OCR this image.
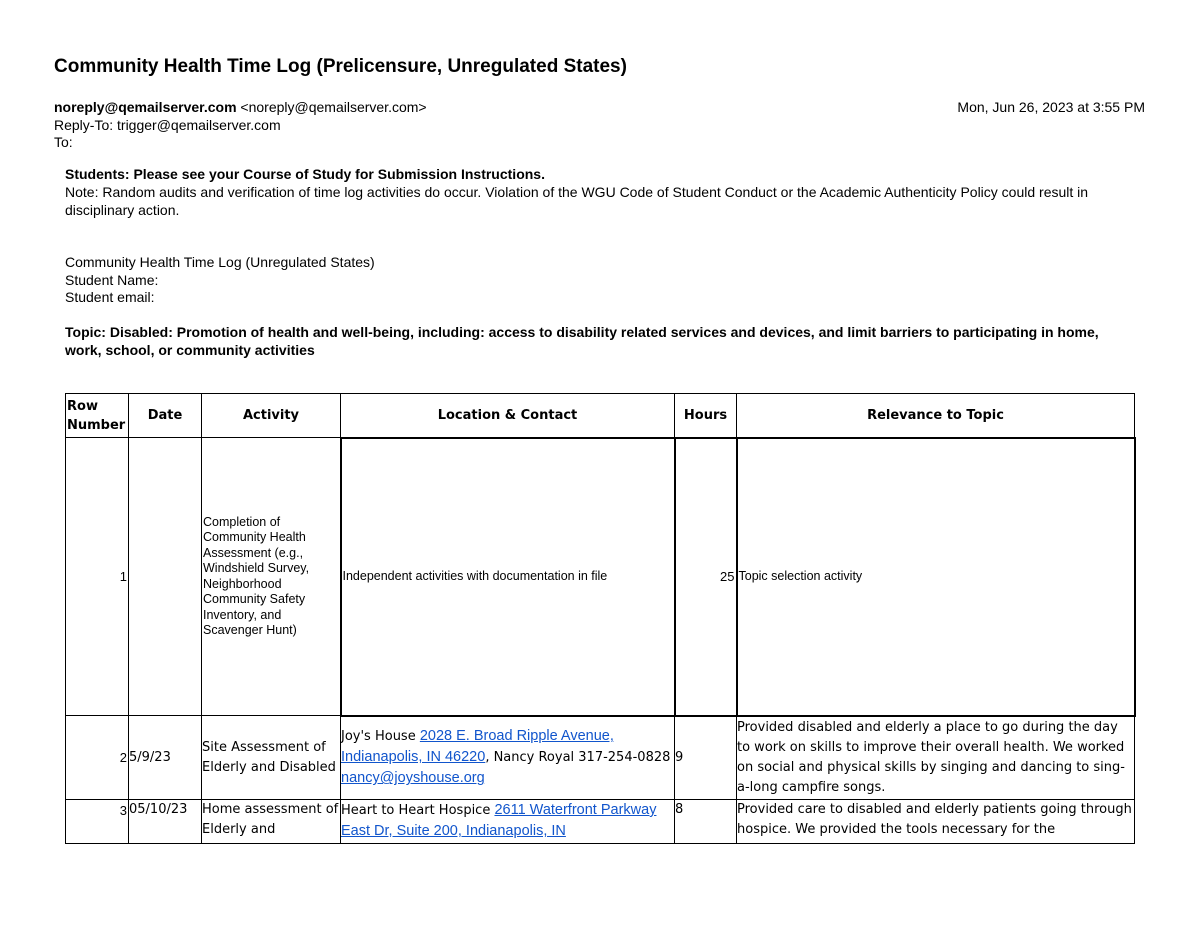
Community Health Time Log (Prelicensure, Unregulated States)
noreply@qemailserver.com <noreply@qemailserver.com>
Reply-To: trigger@qemailserver.com
To:
Mon, Jun 26, 2023 at 3:55 PM
Students: Please see your Course of Study for Submission Instructions.
Note: Random audits and verification of time log activities do occur. Violation of the WGU Code of Student Conduct or the Academic Authenticity Policy could result in disciplinary action.
Community Health Time Log (Unregulated States)
Student Name:
Student email:
Topic: Disabled: Promotion of health and well-being, including: access to disability related services and devices, and limit barriers to participating in home, work, school, or community activities
Row Number	Date	Activity	Location & Contact	Hours	Relevance to Topic
1		Completion of Community Health Assessment (e.g., Windshield Survey, Neighborhood Community Safety Inventory, and Scavenger Hunt)	Independent activities with documentation in file	25	Topic selection activity
2	5/9/23	Site Assessment of Elderly and Disabled	Joy's House 2028 E. Broad Ripple Avenue, Indianapolis, IN 46220, Nancy Royal 317-254-0828 nancy@joyshouse.org	9	Provided disabled and elderly a place to go during the day to work on skills to improve their overall health. We worked on social and physical skills by singing and dancing to sing-a-long campfire songs.
3	05/10/23	Home assessment of Elderly and	Heart to Heart Hospice 2611 Waterfront Parkway East Dr, Suite 200, Indianapolis, IN	8	Provided care to disabled and elderly patients going through hospice. We provided the tools necessary for the
